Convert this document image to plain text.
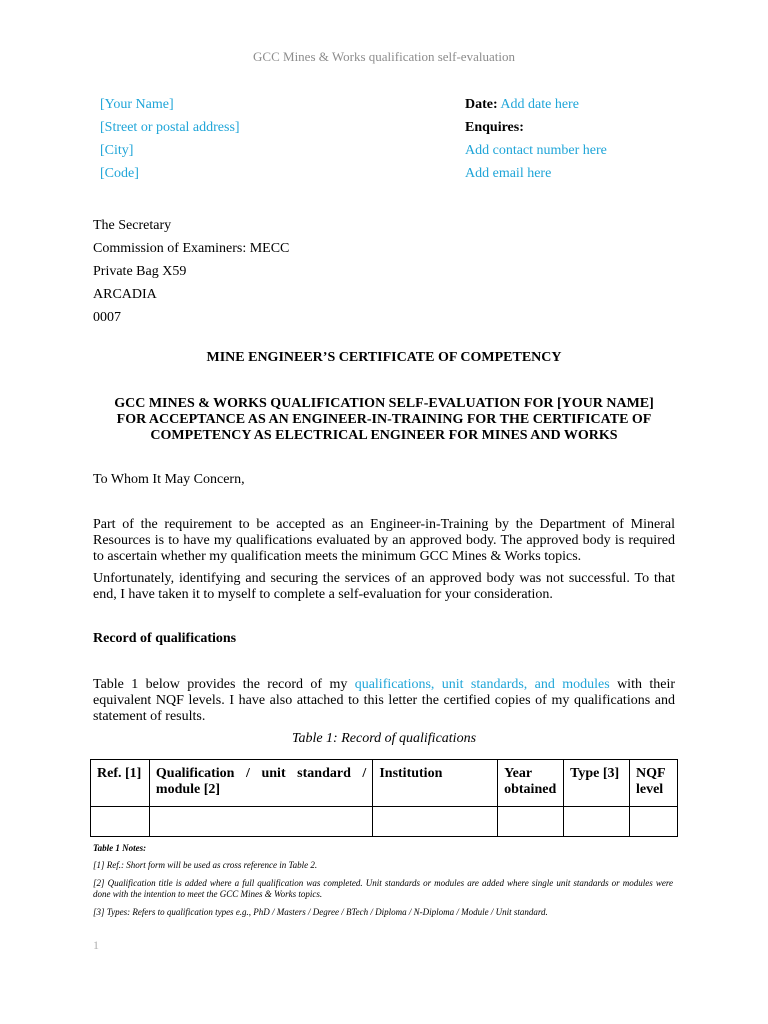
GCC Mines & Works qualification self-evaluation
[Your Name]
[Street or postal address]
[City]
[Code]
Date: Add date here
Enquires:
Add contact number here
Add email here
The Secretary
Commission of Examiners: MECC
Private Bag X59
ARCADIA
0007
MINE ENGINEER’S CERTIFICATE OF COMPETENCY
GCC MINES & WORKS QUALIFICATION SELF-EVALUATION FOR [YOUR NAME]
FOR ACCEPTANCE AS AN ENGINEER-IN-TRAINING FOR THE CERTIFICATE OF
COMPETENCY AS ELECTRICAL ENGINEER FOR MINES AND WORKS
To Whom It May Concern,
Part of the requirement to be accepted as an Engineer-in-Training by the Department of Mineral Resources is to have my qualifications evaluated by an approved body. The approved body is required to ascertain whether my qualification meets the minimum GCC Mines & Works topics.
Unfortunately, identifying and securing the services of an approved body was not successful. To that end, I have taken it to myself to complete a self-evaluation for your consideration.
Record of qualifications
Table 1 below provides the record of my qualifications, unit standards, and modules with their equivalent NQF levels. I have also attached to this letter the certified copies of my qualifications and statement of results.
Table 1: Record of qualifications
Ref. [1]	Qualification / unit standard / module [2]	Institution	Year obtained	Type [3]	NQF level

Table 1 Notes:
[1] Ref.: Short form will be used as cross reference in Table 2.
[2] Qualification title is added where a full qualification was completed. Unit standards or modules are added where single unit standards or modules were done with the intention to meet the GCC Mines & Works topics.
[3] Types: Refers to qualification types e.g., PhD / Masters / Degree / BTech / Diploma / N-Diploma / Module / Unit standard.
1
